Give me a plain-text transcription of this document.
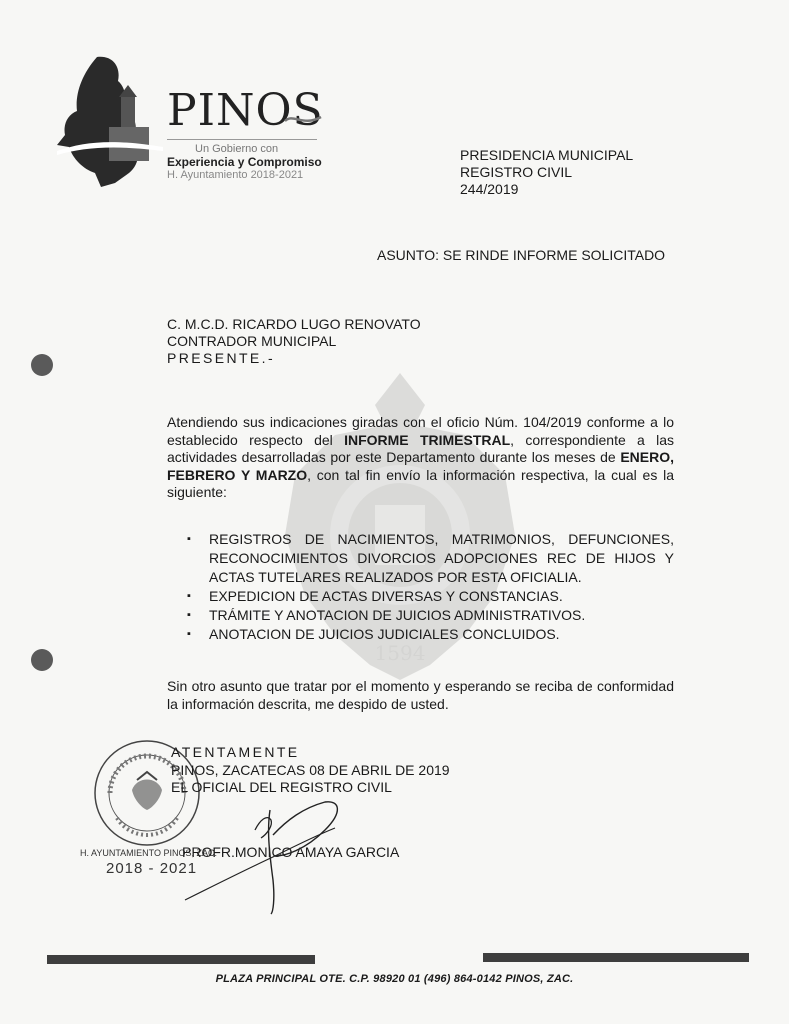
PINOS
Un Gobierno con
Experiencia y Compromiso
H. Ayuntamiento 2018-2021
PRESIDENCIA MUNICIPAL
REGISTRO CIVIL
244/2019
ASUNTO: SE RINDE INFORME SOLICITADO
C. M.C.D. RICARDO LUGO RENOVATO
CONTRADOR MUNICIPAL
PRESENTE.-
1594
Atendiendo sus indicaciones giradas con el oficio Núm. 104/2019 conforme a lo establecido respecto del INFORME TRIMESTRAL, correspondiente a las actividades desarrolladas por este Departamento durante los meses de ENERO, FEBRERO Y MARZO, con tal fin envío la información respectiva, la cual es la siguiente:
▪ REGISTROS DE NACIMIENTOS, MATRIMONIOS, DEFUNCIONES, RECONOCIMIENTOS DIVORCIOS ADOPCIONES REC DE HIJOS Y ACTAS TUTELARES REALIZADOS POR ESTA OFICIALIA.
▪ EXPEDICION DE ACTAS DIVERSAS Y CONSTANCIAS.
▪ TRÁMITE Y ANOTACION DE JUICIOS ADMINISTRATIVOS.
▪ ANOTACION DE JUICIOS JUDICIALES CONCLUIDOS.
Sin otro asunto que tratar por el momento y esperando se reciba de conformidad la información descrita, me despido de usted.
H. AYUNTAMIENTO PINOS, ZAC.
2018 - 2021
ATENTAMENTE
PINOS, ZACATECAS 08 DE ABRIL DE 2019
EL OFICIAL DEL REGISTRO CIVIL
PROFR.MONICO AMAYA GARCIA
PLAZA PRINCIPAL OTE. C.P. 98920 01 (496) 864-0142 PINOS, ZAC.
